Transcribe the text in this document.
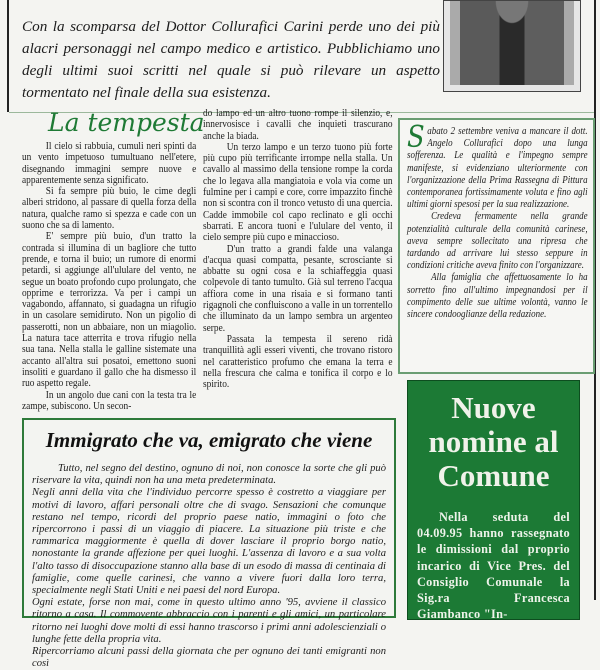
Con la scomparsa del Dottor Collurafici Carini perde uno dei più alacri personaggi nel campo medico e artistico. Pubblichiamo uno degli ultimi suoi scritti nel quale si può rilevare un aspetto tormentato nel finale della sua esistenza.
La tempesta

Il cielo si rabbuia, cumuli neri spinti da un vento impetuoso tumultuano nell'etere, disegnando immagini sempre nuove e apparentemente senza significato.

Si fa sempre più buio, le cime degli alberi stridono, al passare di quella forza della natura, qualche ramo si spezza e cade con un suono che sa di lamento.

E' sempre più buio, d'un tratto la contrada si illumina di un bagliore che tutto prende, e torna il buio; un rumore di enormi petardi, si aggiunge all'ululare del vento, ne segue un boato profondo cupo prolungato, che opprime e terrorizza. Va per i campi un vagabondo, affannato, si guadagna un rifugio in un casolare semidiruto. Non un pigolio di passerotti, non un abbaiare, non un miagolio. La natura tace atterrita e trova rifugio nella sua tana. Nella stalla le galline sistemate una accanto all'altra sui posatoi, emettono suoni insoliti e guardano il gallo che ha dismesso il ruo aspetto regale.

In un angolo due cani con la testa tra le zampe, subiscono. Un secon-

do lampo ed un altro tuono rompe il silenzio, e, innervosisce i cavalli che inquieti trascurano anche la biada.

Un terzo lampo e un terzo tuono più forte più cupo più terrificante irrompe nella stalla. Un cavallo al massimo della tensione rompe la corda che lo legava alla mangiatoia e vola via come un fulmine per i campi e core, corre impazzito finchè non si scontra con il tronco vetusto di una quercia. Cadde immobile col capo reclinato e gli occhi sbarrati. E ancora tuoni e l'ululare del vento, il cielo sempre più cupo e minaccioso.

D'un tratto a grandi falde una valanga d'acqua quasi compatta, pesante, scrosciante si abbatte su ogni cosa e la schiaffeggia quasi colpevole di tanto tumulto. Già sul terreno l'acqua affiora come in una risaia e si formano tanti rigagnoli che confluiscono a valle in un torrentello che illuminato da un lampo sembra un argenteo serpe.

Passata la tempesta il sereno ridà tranquillità agli esseri viventi, che trovano ristoro nel caratteristico profumo che emana la terra e nella frescura che calma e tonifica il corpo e lo spirito.

Sabato 2 settembre veniva a mancare il dott. Angelo Collurafici dopo una lunga sofferenza. Le qualità e l'impegno sempre manifeste, si evidenziano ulteriormente con l'organizzazione della Prima Rassegna di Pittura contemporanea fortissimamente voluta e fino agli ultimi giorni spesosi per la sua realizzazione.

Credeva fermamente nella grande potenzialità culturale della comunità carinese, aveva sempre sollecitato una ripresa che tardando ad arrivare lui stesso seppure in condizioni critiche aveva finito con l'organizzare.

Alla famiglia che affettuosamente lo ha sorretto fino all'ultimo impegnandosi per il compimento delle sue ultime volontà, vanno le sincere condooglianze della redazione.

Immigrato che va, emigrato che viene

Tutto, nel segno del destino, ognuno di noi, non conosce la sorte che gli può riservare la vita, quindi non ha una meta predeterminata.

Negli anni della vita che l'individuo percorre spesso è costretto a viaggiare per motivi di lavoro, affari personali oltre che di svago. Sensazioni che comunque restano nel tempo, ricordi del proprio paese natio, immagini o foto che ripercorrono i passi di un viaggio di piacere. La situazione più triste e che rammarica maggiormente è quella di dover lasciare il proprio borgo natio, nonostante la grande affezione per quei luoghi. L'assenza di lavoro e a sua volta l'alto tasso di disoccupazione stanno alla base di un esodo di massa di centinaia di famiglie, come quelle carinesi, che vanno a vivere fuori dalla loro terra, specialmente negli Stati Uniti e nei paesi del nord Europa.

Ogni estate, forse non mai, come in questo ultimo anno '95, avviene il classico ritorno a casa. Il commovente abbraccio con i parenti e gli amici, un particolare ritorno nei luoghi dove molti di essi hanno trascorso i primi anni adolescienziali o lunghe fette della propria vita.

Ripercorriamo alcuni passi della giornata che per ognuno dei tanti emigranti non così

Nuove nomine al Comune

Nella seduta del 04.09.95 hanno rassegnato le dimissioni dal proprio incarico di Vice Pres. del Consiglio Comunale la Sig.ra Francesca Giambanco "In-
